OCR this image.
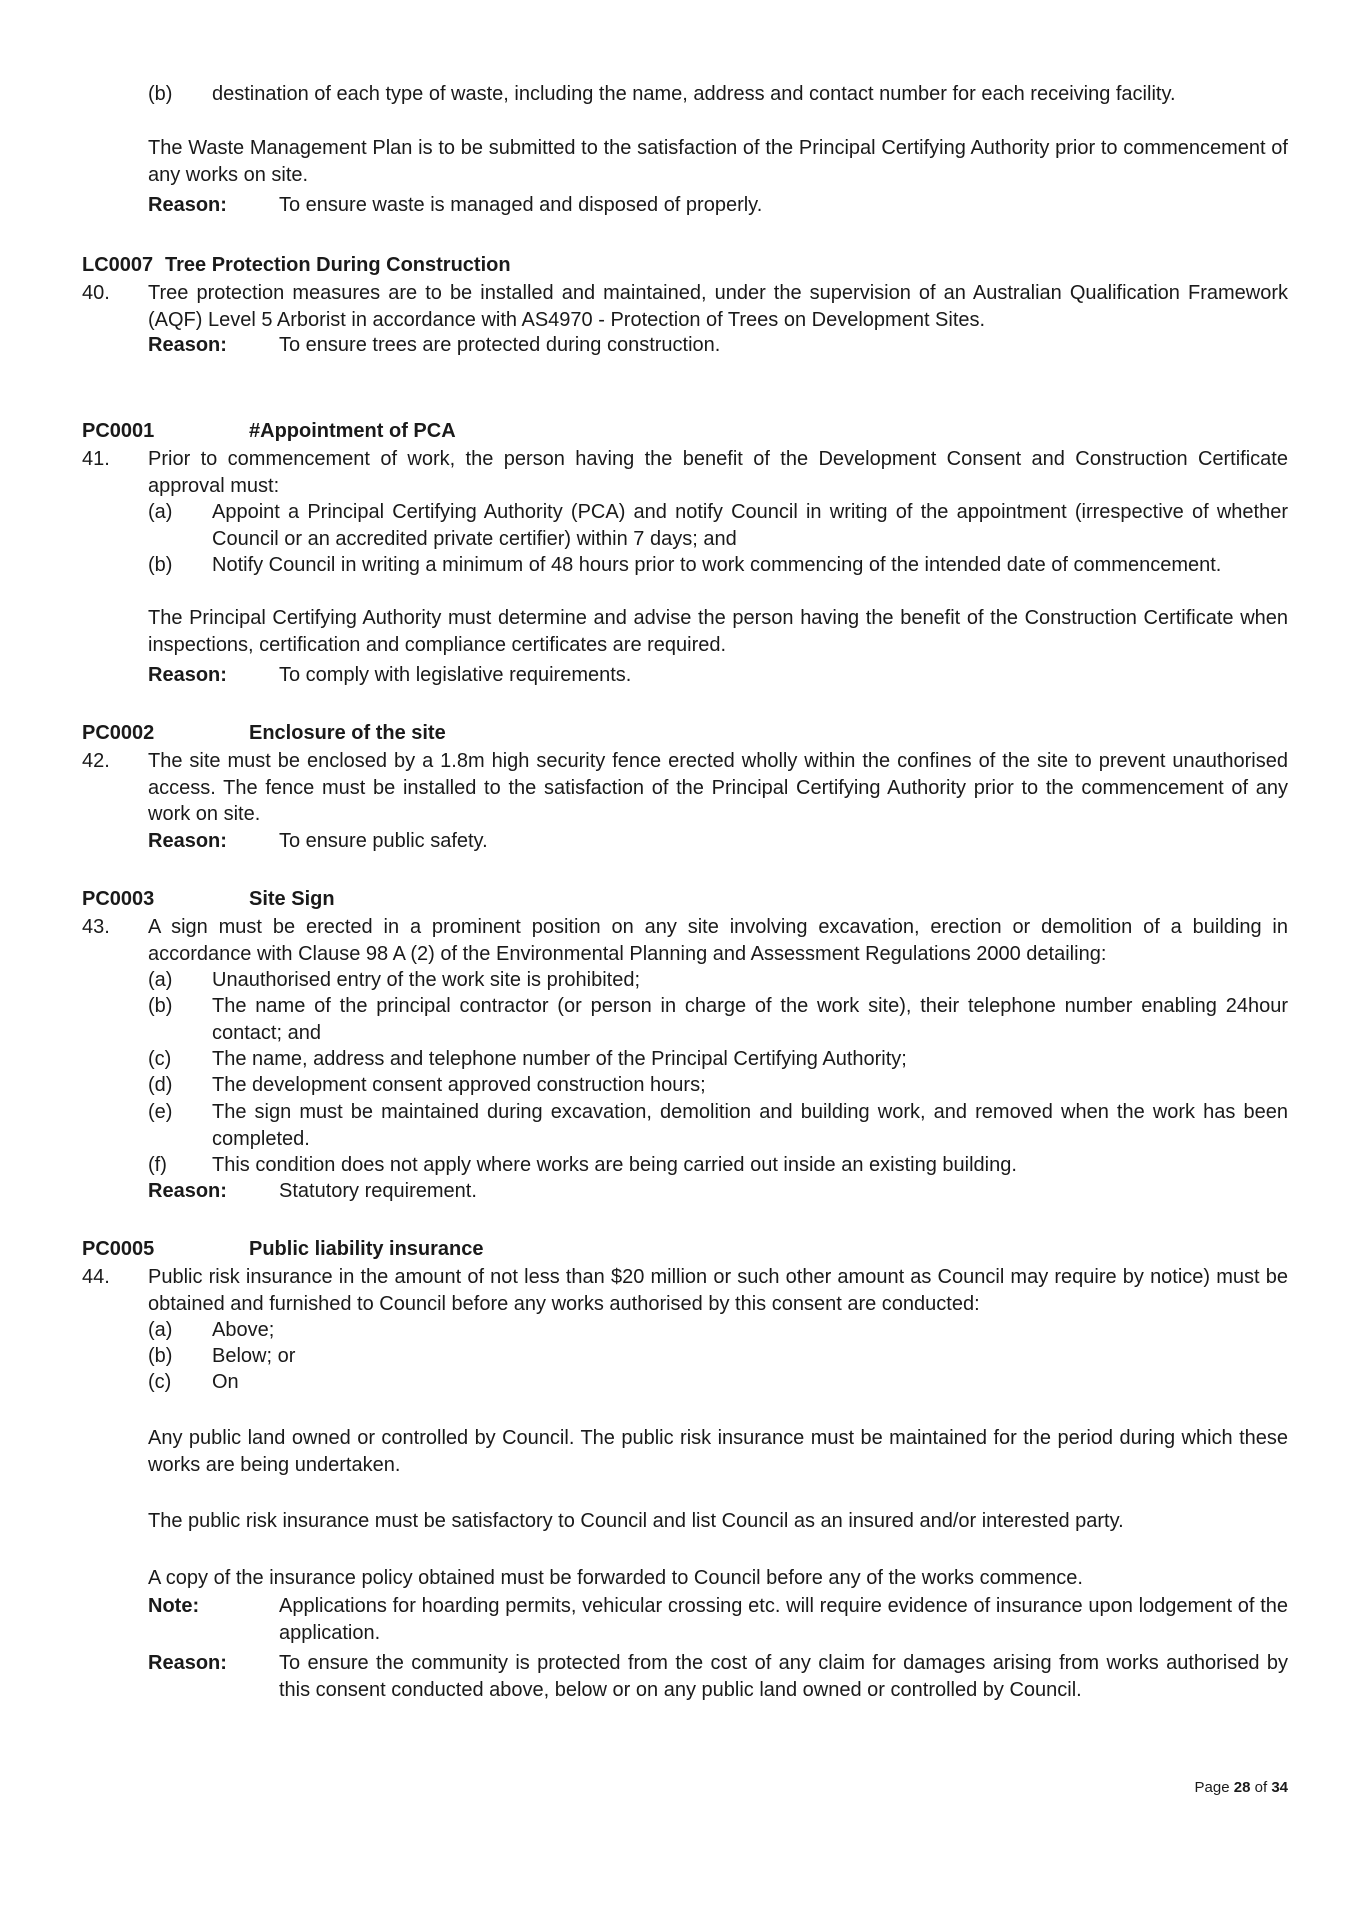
(b) destination of each type of waste, including the name, address and contact number for each receiving facility.
The Waste Management Plan is to be submitted to the satisfaction of the Principal Certifying Authority prior to commencement of any works on site.
Reason:	To ensure waste is managed and disposed of properly.
LC0007 Tree Protection During Construction
40. Tree protection measures are to be installed and maintained, under the supervision of an Australian Qualification Framework (AQF) Level 5 Arborist in accordance with AS4970 - Protection of Trees on Development Sites.
Reason:	To ensure trees are protected during construction.
PC0001	#Appointment of PCA
41. Prior to commencement of work, the person having the benefit of the Development Consent and Construction Certificate approval must:
(a) Appoint a Principal Certifying Authority (PCA) and notify Council in writing of the appointment (irrespective of whether Council or an accredited private certifier) within 7 days; and
(b) Notify Council in writing a minimum of 48 hours prior to work commencing of the intended date of commencement.
The Principal Certifying Authority must determine and advise the person having the benefit of the Construction Certificate when inspections, certification and compliance certificates are required.
Reason:	To comply with legislative requirements.
PC0002	Enclosure of the site
42. The site must be enclosed by a 1.8m high security fence erected wholly within the confines of the site to prevent unauthorised access. The fence must be installed to the satisfaction of the Principal Certifying Authority prior to the commencement of any work on site.
Reason:	To ensure public safety.
PC0003	Site Sign
43. A sign must be erected in a prominent position on any site involving excavation, erection or demolition of a building in accordance with Clause 98 A (2) of the Environmental Planning and Assessment Regulations 2000 detailing:
(a) Unauthorised entry of the work site is prohibited;
(b) The name of the principal contractor (or person in charge of the work site), their telephone number enabling 24hour contact; and
(c) The name, address and telephone number of the Principal Certifying Authority;
(d) The development consent approved construction hours;
(e) The sign must be maintained during excavation, demolition and building work, and removed when the work has been completed.
(f) This condition does not apply where works are being carried out inside an existing building.
Reason:	Statutory requirement.
PC0005	Public liability insurance
44. Public risk insurance in the amount of not less than $20 million or such other amount as Council may require by notice) must be obtained and furnished to Council before any works authorised by this consent are conducted:
(a) Above;
(b) Below; or
(c) On
Any public land owned or controlled by Council. The public risk insurance must be maintained for the period during which these works are being undertaken.
The public risk insurance must be satisfactory to Council and list Council as an insured and/or interested party.
A copy of the insurance policy obtained must be forwarded to Council before any of the works commence.
Note:	Applications for hoarding permits, vehicular crossing etc. will require evidence of insurance upon lodgement of the application.
Reason:	To ensure the community is protected from the cost of any claim for damages arising from works authorised by this consent conducted above, below or on any public land owned or controlled by Council.
Page 28 of 34
